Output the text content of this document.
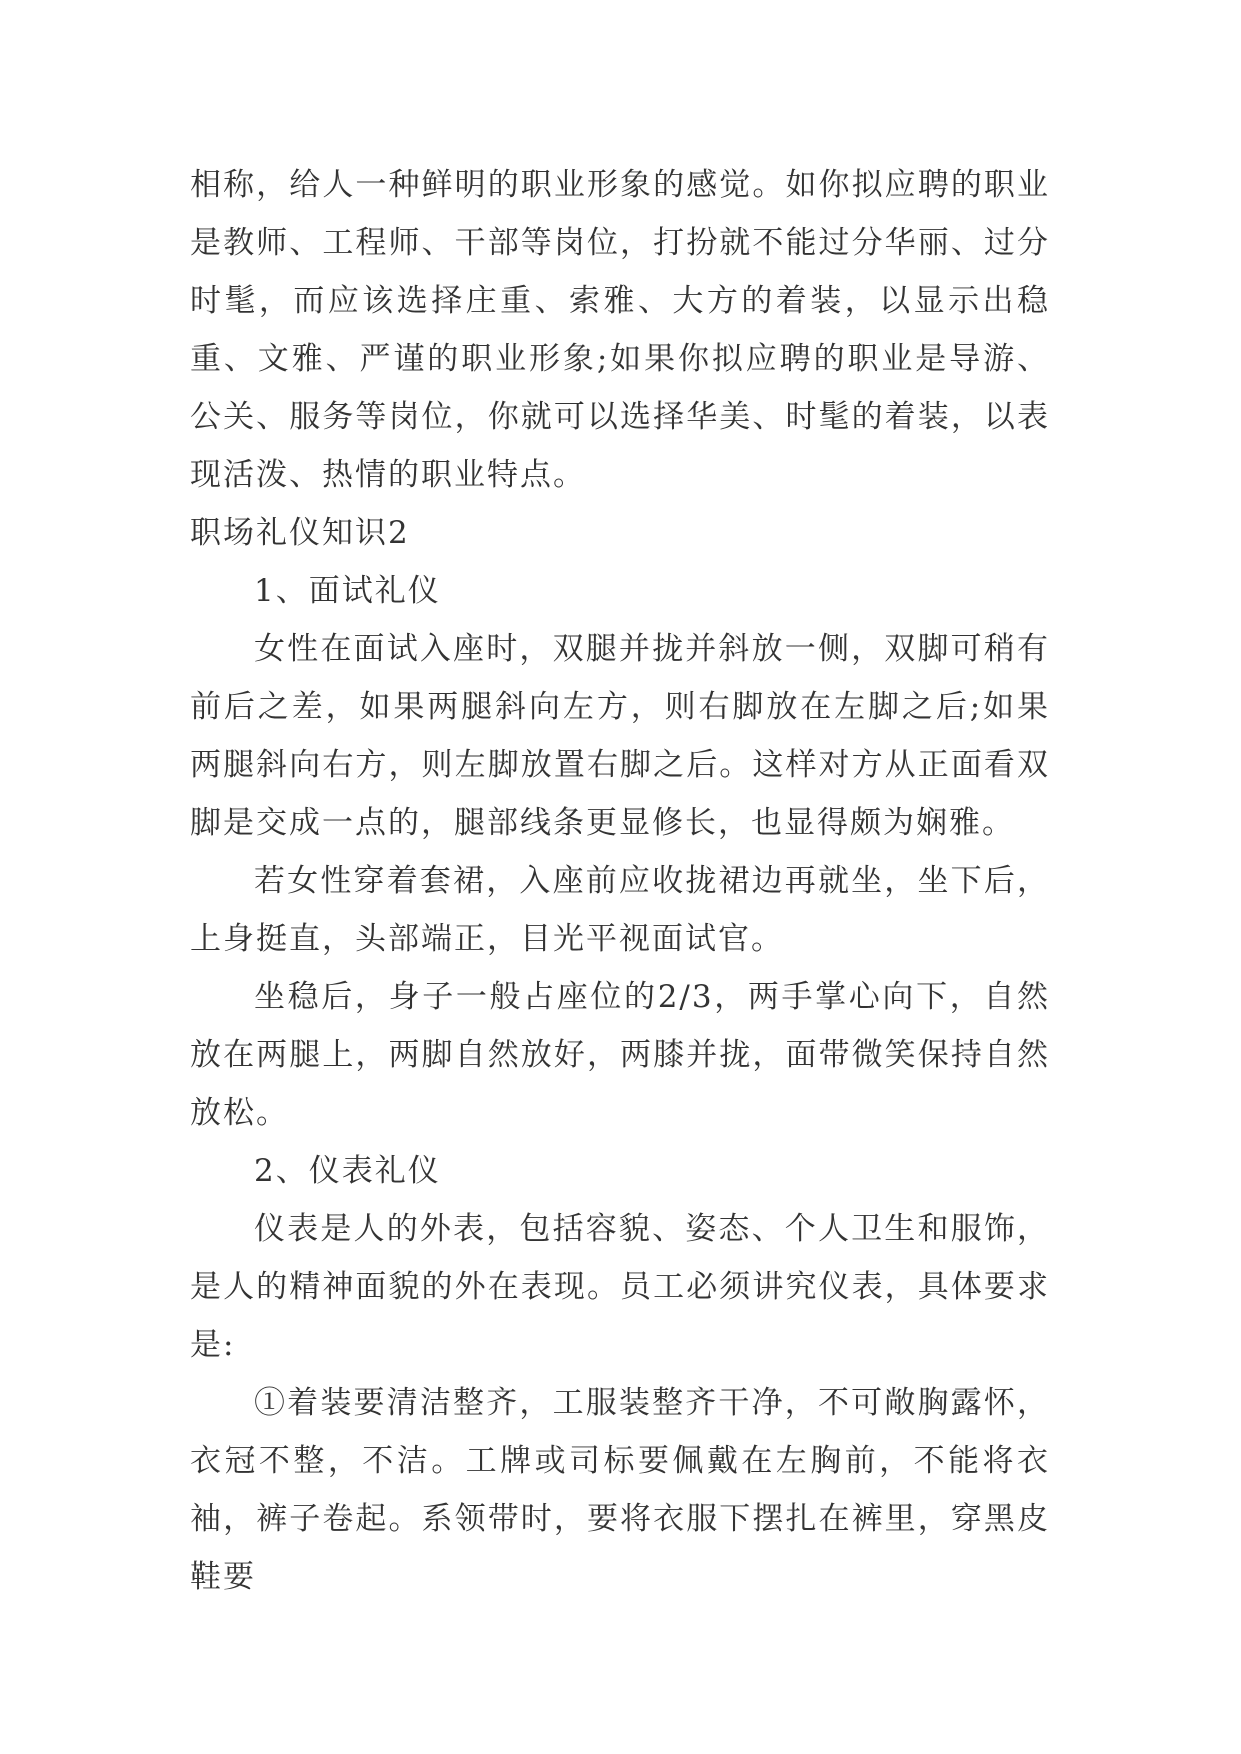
相称，给人一种鲜明的职业形象的感觉。如你拟应聘的职业是教师、工程师、干部等岗位，打扮就不能过分华丽、过分时髦，而应该选择庄重、索雅、大方的着装，以显示出稳重、文雅、严谨的职业形象;如果你拟应聘的职业是导游、公关、服务等岗位，你就可以选择华美、时髦的着装，以表现活泼、热情的职业特点。

职场礼仪知识2

1、面试礼仪

女性在面试入座时，双腿并拢并斜放一侧，双脚可稍有前后之差，如果两腿斜向左方，则右脚放在左脚之后;如果两腿斜向右方，则左脚放置右脚之后。这样对方从正面看双脚是交成一点的，腿部线条更显修长，也显得颇为娴雅。

若女性穿着套裙，入座前应收拢裙边再就坐，坐下后，上身挺直，头部端正，目光平视面试官。

坐稳后，身子一般占座位的2/3，两手掌心向下，自然放在两腿上，两脚自然放好，两膝并拢，面带微笑保持自然放松。

2、仪表礼仪

仪表是人的外表，包括容貌、姿态、个人卫生和服饰，是人的精神面貌的外在表现。员工必须讲究仪表，具体要求是:

①着装要清洁整齐，工服装整齐干净，不可敞胸露怀，衣冠不整，不洁。工牌或司标要佩戴在左胸前，不能将衣袖，裤子卷起。系领带时，要将衣服下摆扎在裤里，穿黑皮鞋要
